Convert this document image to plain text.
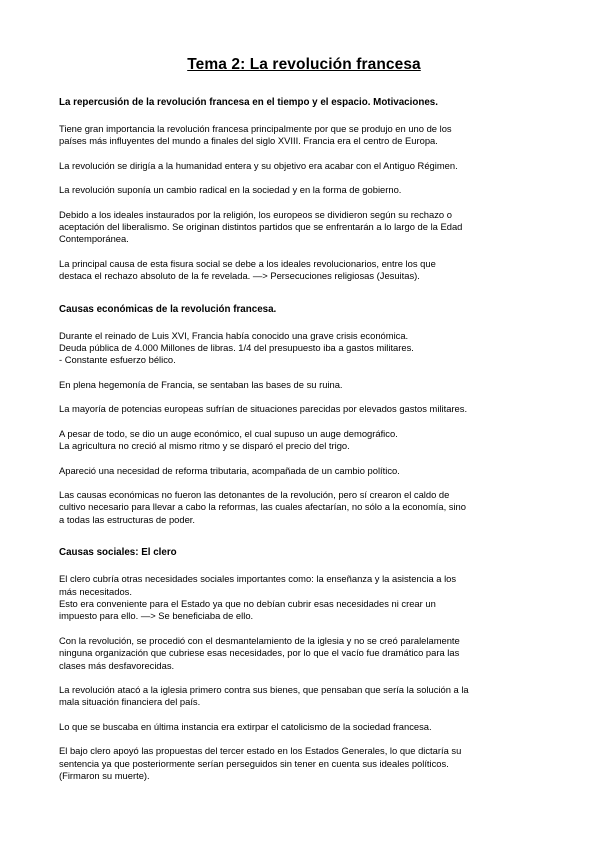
Tema 2: La revolución francesa
La repercusión de la revolución francesa en el tiempo y el espacio. Motivaciones.
Tiene gran importancia la revolución francesa principalmente por que se produjo en uno de los
países más influyentes del mundo a finales del siglo XVIII. Francia era el centro de Europa.
La revolución se dirigía a la humanidad entera y su objetivo era acabar con el Antiguo Régimen.
La revolución suponía un cambio radical en la sociedad y en la forma de gobierno.
Debido a los ideales instaurados por la religión, los europeos se dividieron según su rechazo o
aceptación del liberalismo. Se originan distintos partidos que se enfrentarán a lo largo de la Edad
Contemporánea.
La principal causa de esta fisura social se debe a los ideales revolucionarios, entre los que
destaca el rechazo absoluto de la fe revelada. —> Persecuciones religiosas (Jesuitas).
Causas económicas de la revolución francesa.
Durante el reinado de Luis XVI, Francia había conocido una grave crisis económica.
Deuda pública de 4.000 Millones de libras. 1/4 del presupuesto iba a gastos militares.
- Constante esfuerzo bélico.
En plena hegemonía de Francia, se sentaban las bases de su ruina.
La mayoría de potencias europeas sufrían de situaciones parecidas por elevados gastos militares.
A pesar de todo, se dio un auge económico, el cual supuso un auge demográfico.
La agricultura no creció al mismo ritmo y se disparó el precio del trigo.
Apareció una necesidad de reforma tributaria, acompañada de un cambio político.
Las causas económicas no fueron las detonantes de la revolución, pero sí crearon el caldo de
cultivo necesario para llevar a cabo la reformas, las cuales afectarían, no sólo a la economía, sino
a todas las estructuras de poder.
Causas sociales: El clero
El clero cubría otras necesidades sociales importantes como: la enseñanza y la asistencia a los
más necesitados.
Esto era conveniente para el Estado ya que no debían cubrir esas necesidades ni crear un
impuesto para ello. —> Se beneficiaba de ello.
Con la revolución, se procedió con el desmantelamiento de la iglesia y no se creó paralelamente
ninguna organización que cubriese esas necesidades, por lo que el vacío fue dramático para las
clases más desfavorecidas.
La revolución atacó a la iglesia primero contra sus bienes, que pensaban que sería la solución a la
mala situación financiera del país.
Lo que se buscaba en última instancia era extirpar el catolicismo de la sociedad francesa.
El bajo clero apoyó las propuestas del tercer estado en los Estados Generales, lo que dictaría su
sentencia ya que posteriormente serían perseguidos sin tener en cuenta sus ideales políticos.
(Firmaron su muerte).
